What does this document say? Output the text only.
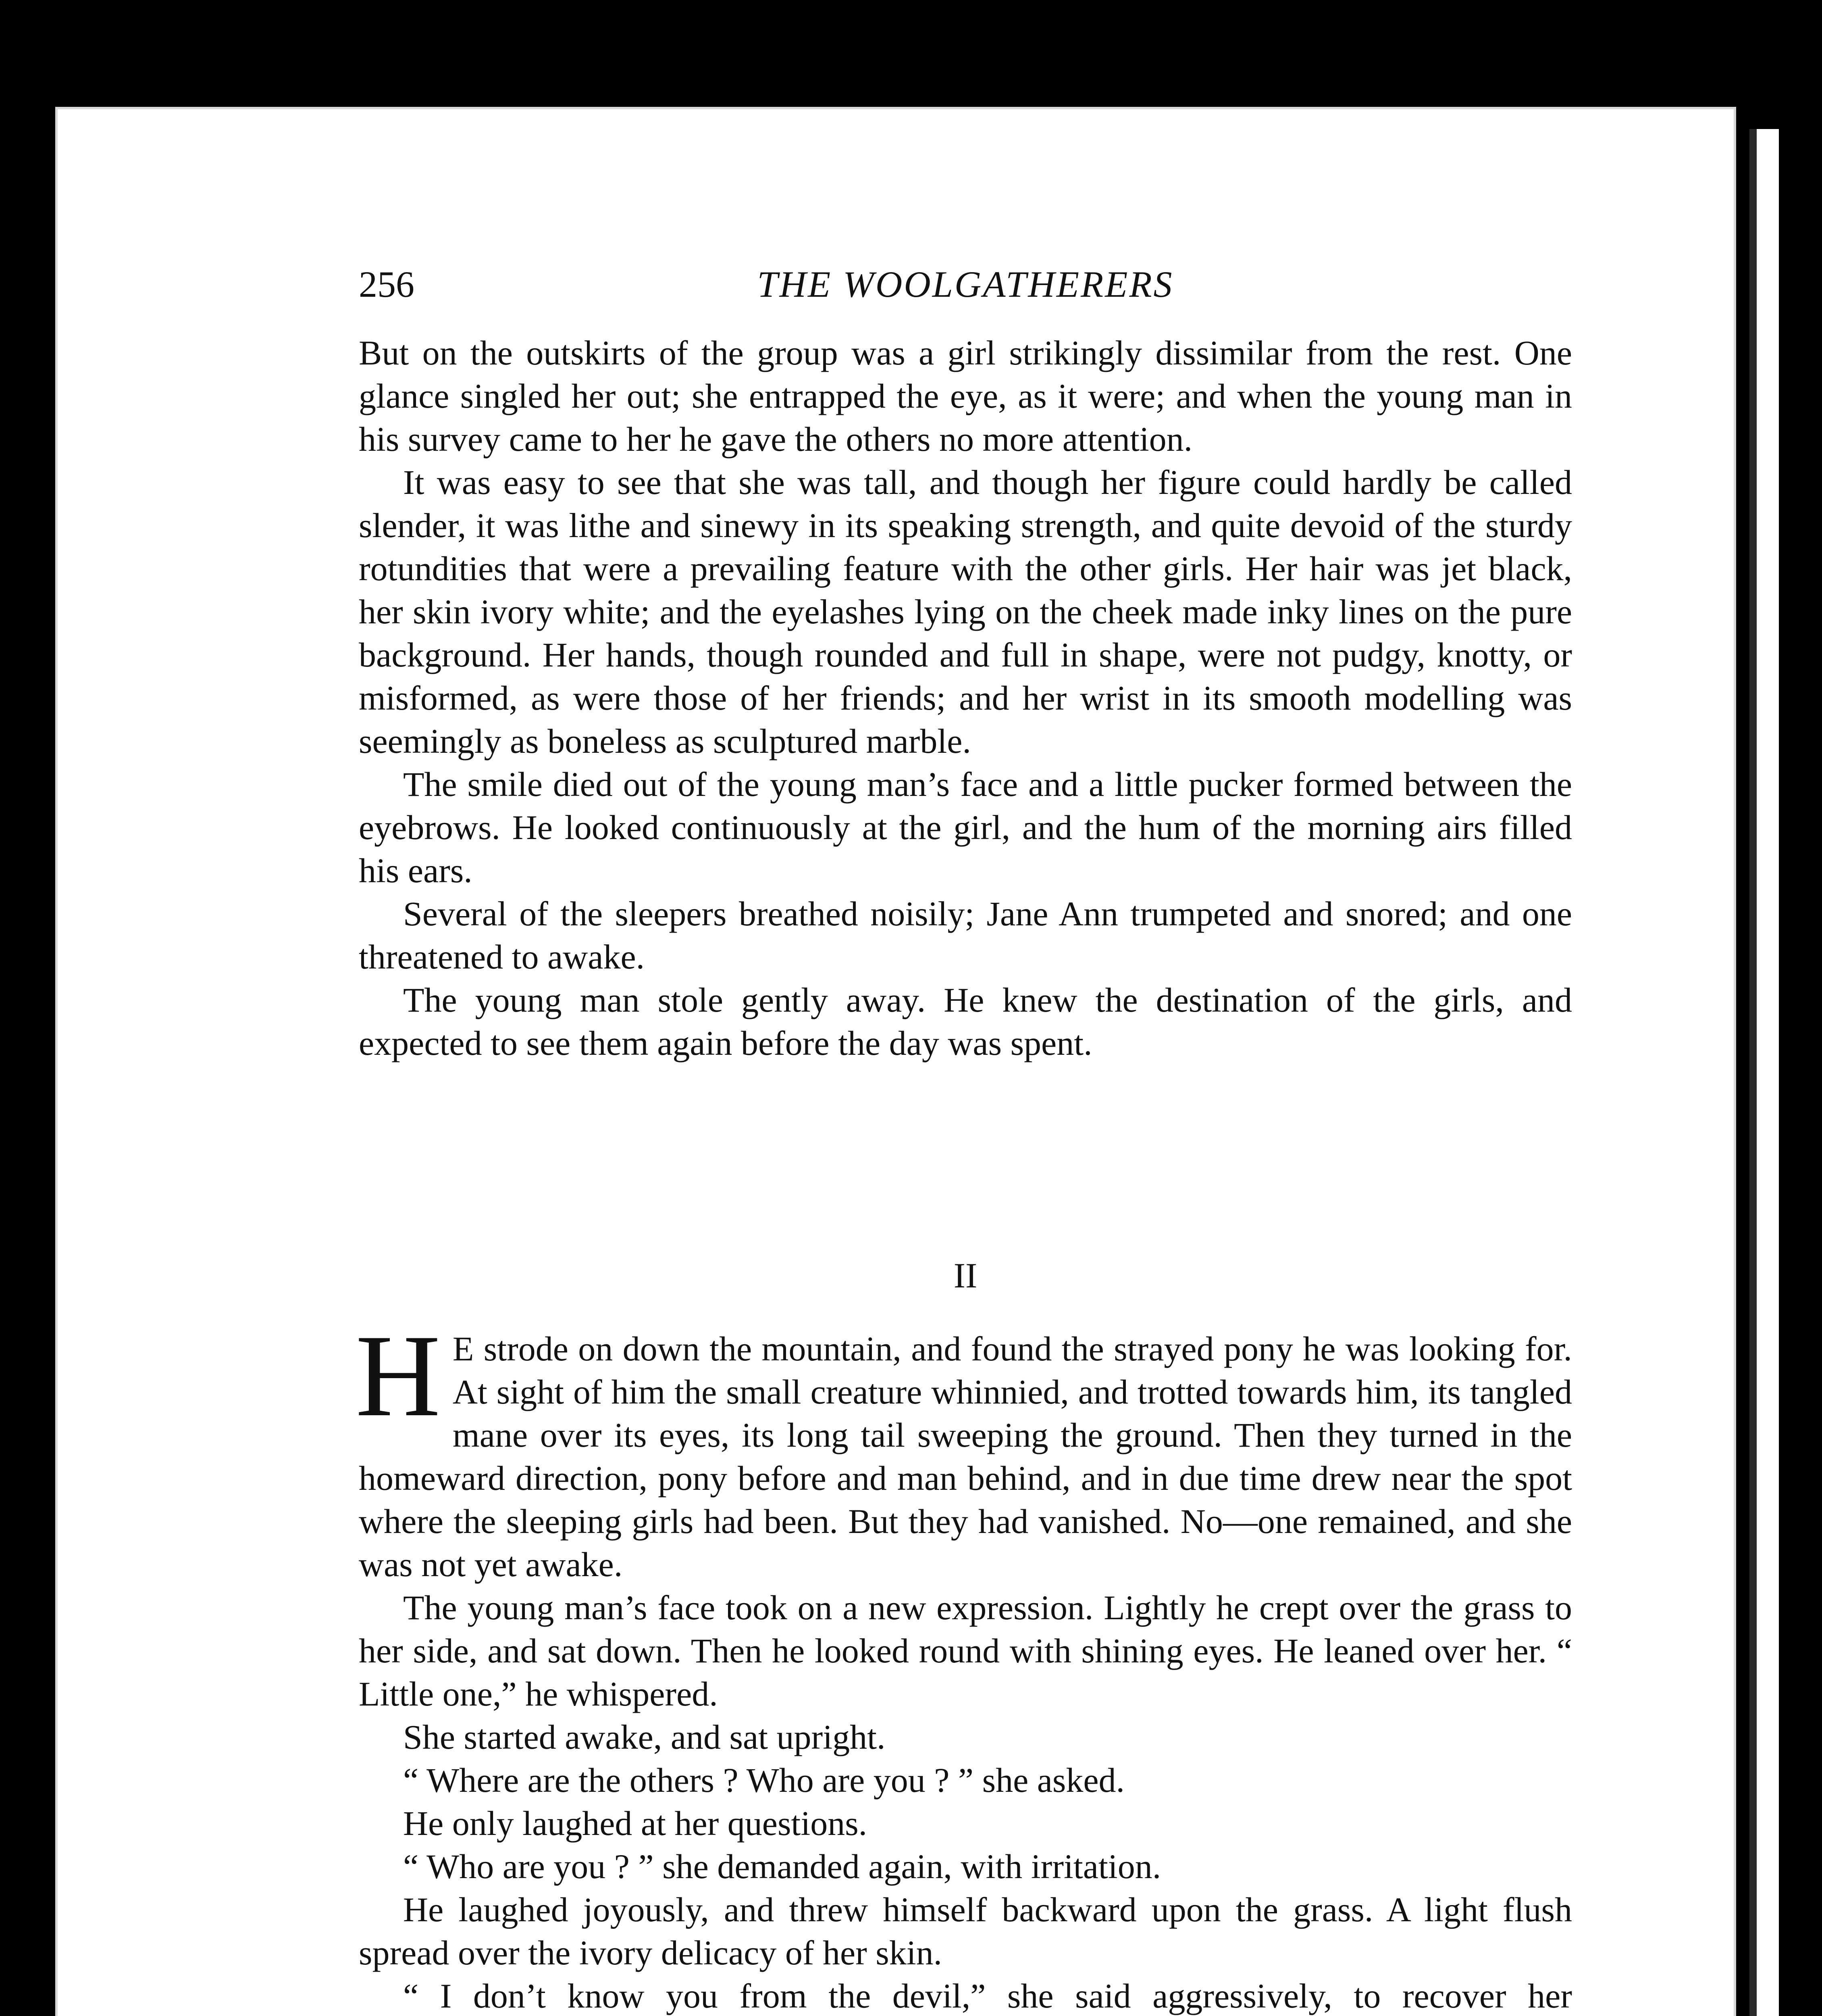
256	THE WOOLGATHERERS

But on the outskirts of the group was a girl strikingly dissimilar from the rest. One glance singled her out; she entrapped the eye, as it were; and when the young man in his survey came to her he gave the others no more attention.

It was easy to see that she was tall, and though her figure could hardly be called slender, it was lithe and sinewy in its speaking strength, and quite devoid of the sturdy rotundities that were a prevailing feature with the other girls. Her hair was jet black, her skin ivory white; and the eyelashes lying on the cheek made inky lines on the pure background. Her hands, though rounded and full in shape, were not pudgy, knotty, or misformed, as were those of her friends; and her wrist in its smooth modelling was seemingly as boneless as sculptured marble.

The smile died out of the young man’s face and a little pucker formed between the eyebrows. He looked continuously at the girl, and the hum of the morning airs filled his ears.

Several of the sleepers breathed noisily; Jane Ann trumpeted and snored; and one threatened to awake.

The young man stole gently away. He knew the destination of the girls, and expected to see them again before the day was spent.

II

H E strode on down the mountain, and found the strayed pony he was looking for. At sight of him the small creature whinnied, and trotted towards him, its tangled mane over its eyes, its long tail sweeping the ground. Then they turned in the homeward direction, pony before and man behind, and in due time drew near the spot where the sleeping girls had been. But they had vanished. No—one remained, and she was not yet awake.

The young man’s face took on a new expression. Lightly he crept over the grass to her side, and sat down. Then he looked round with shining eyes. He leaned over her. “ Little one,” he whispered.

She started awake, and sat upright.

“ Where are the others ? Who are you ? ” she asked.

He only laughed at her questions.

“ Who are you ? ” she demanded again, with irritation.

He laughed joyously, and threw himself backward upon the grass. A light flush spread over the ivory delicacy of her skin.

“ I don’t know you from the devil,” she said aggressively, to recover her
